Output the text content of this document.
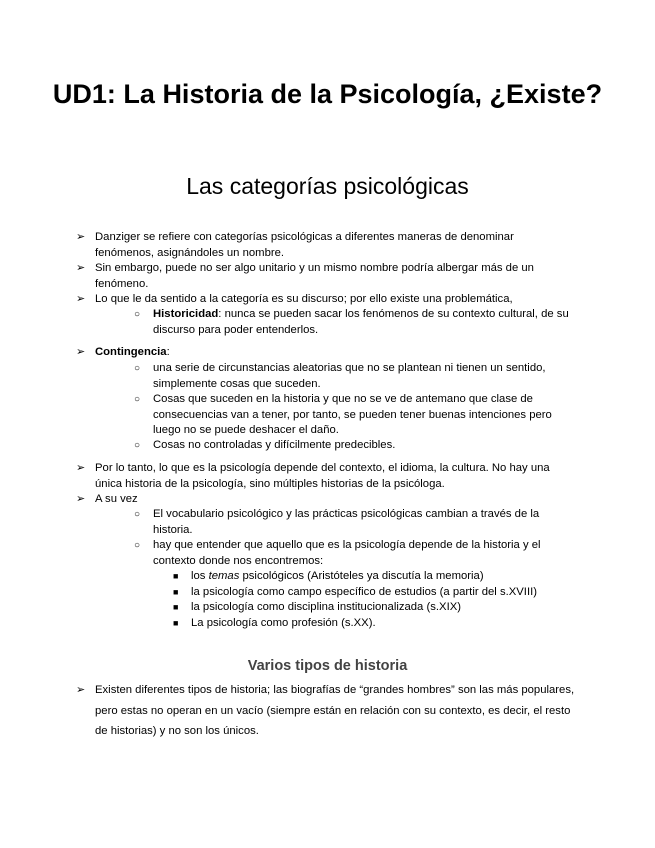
UD1: La Historia de la Psicología, ¿Existe?
Las categorías psicológicas
➢ Danziger se refiere con categorías psicológicas a diferentes maneras de denominar fenómenos, asignándoles un nombre.
➢ Sin embargo, puede no ser algo unitario y un mismo nombre podría albergar más de un fenómeno.
➢ Lo que le da sentido a la categoría es su discurso; por ello existe una problemática,
○ Historicidad: nunca se pueden sacar los fenómenos de su contexto cultural, de su discurso para poder entenderlos.
➢ Contingencia:
○ una serie de circunstancias aleatorias que no se plantean ni tienen un sentido, simplemente cosas que suceden.
○ Cosas que suceden en la historia y que no se ve de antemano que clase de consecuencias van a tener, por tanto, se pueden tener buenas intenciones pero luego no se puede deshacer el daño.
○ Cosas no controladas y difícilmente predecibles.
➢ Por lo tanto, lo que es la psicología depende del contexto, el idioma, la cultura. No hay una única historia de la psicología, sino múltiples historias de la psicóloga.
➢ A su vez
○ El vocabulario psicológico y las prácticas psicológicas cambian a través de la historia.
○ hay que entender que aquello que es la psicología depende de la historia y el contexto donde nos encontremos:
■ los temas psicológicos (Aristóteles ya discutía la memoria)
■ la psicología como campo específico de estudios (a partir del s.XVIII)
■ la psicología como disciplina institucionalizada (s.XIX)
■ La psicología como profesión (s.XX).
Varios tipos de historia
➢ Existen diferentes tipos de historia; las biografías de “grandes hombres” son las más populares, pero estas no operan en un vacío (siempre están en relación con su contexto, es decir, el resto de historias) y no son los únicos.
